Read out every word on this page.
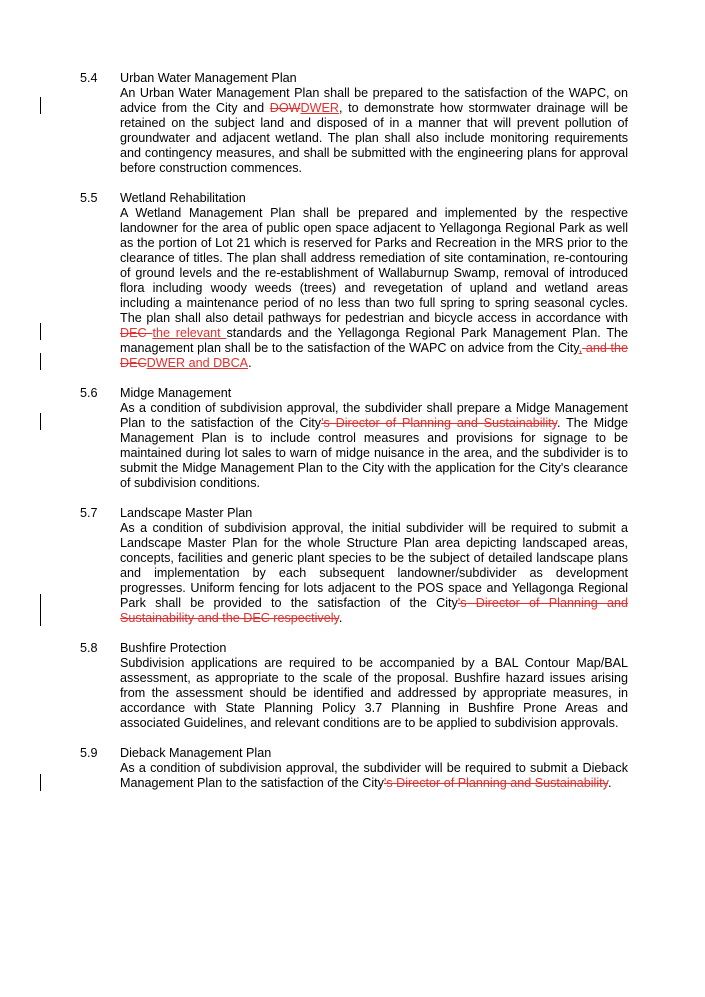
5.4 Urban Water Management Plan
An Urban Water Management Plan shall be prepared to the satisfaction of the WAPC, on advice from the City and DOWDWER, to demonstrate how stormwater drainage will be retained on the subject land and disposed of in a manner that will prevent pollution of groundwater and adjacent wetland. The plan shall also include monitoring requirements and contingency measures, and shall be submitted with the engineering plans for approval before construction commences.
5.5 Wetland Rehabilitation
A Wetland Management Plan shall be prepared and implemented by the respective landowner for the area of public open space adjacent to Yellagonga Regional Park as well as the portion of Lot 21 which is reserved for Parks and Recreation in the MRS prior to the clearance of titles. The plan shall address remediation of site contamination, re-contouring of ground levels and the re-establishment of Wallaburnup Swamp, removal of introduced flora including woody weeds (trees) and revegetation of upland and wetland areas including a maintenance period of no less than two full spring to spring seasonal cycles. The plan shall also detail pathways for pedestrian and bicycle access in accordance with DEC the relevant standards and the Yellagonga Regional Park Management Plan. The management plan shall be to the satisfaction of the WAPC on advice from the City, and the DECDWER and DBCA.
5.6 Midge Management
As a condition of subdivision approval, the subdivider shall prepare a Midge Management Plan to the satisfaction of the City's Director of Planning and Sustainability. The Midge Management Plan is to include control measures and provisions for signage to be maintained during lot sales to warn of midge nuisance in the area, and the subdivider is to submit the Midge Management Plan to the City with the application for the City's clearance of subdivision conditions.
5.7 Landscape Master Plan
As a condition of subdivision approval, the initial subdivider will be required to submit a Landscape Master Plan for the whole Structure Plan area depicting landscaped areas, concepts, facilities and generic plant species to be the subject of detailed landscape plans and implementation by each subsequent landowner/subdivider as development progresses. Uniform fencing for lots adjacent to the POS space and Yellagonga Regional Park shall be provided to the satisfaction of the City's Director of Planning and Sustainability and the DEC respectively.
5.8 Bushfire Protection
Subdivision applications are required to be accompanied by a BAL Contour Map/BAL assessment, as appropriate to the scale of the proposal. Bushfire hazard issues arising from the assessment should be identified and addressed by appropriate measures, in accordance with State Planning Policy 3.7 Planning in Bushfire Prone Areas and associated Guidelines, and relevant conditions are to be applied to subdivision approvals.
5.9 Dieback Management Plan
As a condition of subdivision approval, the subdivider will be required to submit a Dieback Management Plan to the satisfaction of the City's Director of Planning and Sustainability.
